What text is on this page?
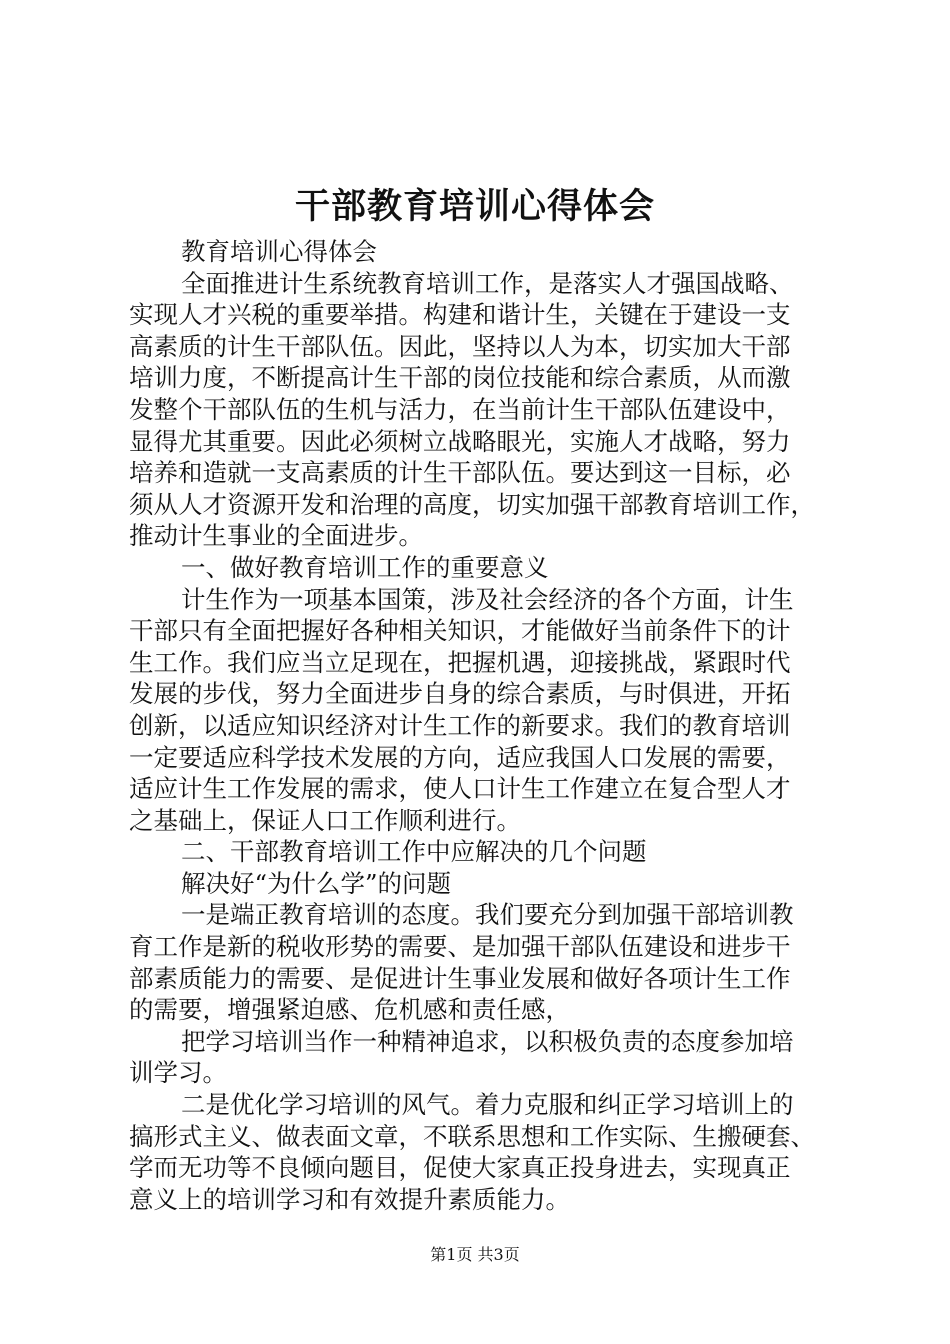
干部教育培训心得体会
教育培训心得体会
全面推进计生系统教育培训工作，是落实人才强国战略、
实现人才兴税的重要举措。构建和谐计生，关键在于建设一支
高素质的计生干部队伍。因此，坚持以人为本，切实加大干部
培训力度，不断提高计生干部的岗位技能和综合素质，从而激
发整个干部队伍的生机与活力，在当前计生干部队伍建设中，
显得尤其重要。因此必须树立战略眼光，实施人才战略，努力
培养和造就一支高素质的计生干部队伍。要达到这一目标，必
须从人才资源开发和治理的高度，切实加强干部教育培训工作，
推动计生事业的全面进步。
一、做好教育培训工作的重要意义
计生作为一项基本国策，涉及社会经济的各个方面，计生
干部只有全面把握好各种相关知识，才能做好当前条件下的计
生工作。我们应当立足现在，把握机遇，迎接挑战，紧跟时代
发展的步伐，努力全面进步自身的综合素质，与时俱进，开拓
创新，以适应知识经济对计生工作的新要求。我们的教育培训
一定要适应科学技术发展的方向，适应我国人口发展的需要，
适应计生工作发展的需求，使人口计生工作建立在复合型人才
之基础上，保证人口工作顺利进行。
二、干部教育培训工作中应解决的几个问题
解决好“为什么学”的问题
一是端正教育培训的态度。我们要充分到加强干部培训教
育工作是新的税收形势的需要、是加强干部队伍建设和进步干
部素质能力的需要、是促进计生事业发展和做好各项计生工作
的需要，增强紧迫感、危机感和责任感，
把学习培训当作一种精神追求，以积极负责的态度参加培
训学习。
二是优化学习培训的风气。着力克服和纠正学习培训上的
搞形式主义、做表面文章，不联系思想和工作实际、生搬硬套、
学而无功等不良倾向题目，促使大家真正投身进去，实现真正
意义上的培训学习和有效提升素质能力。
第1页 共3页
